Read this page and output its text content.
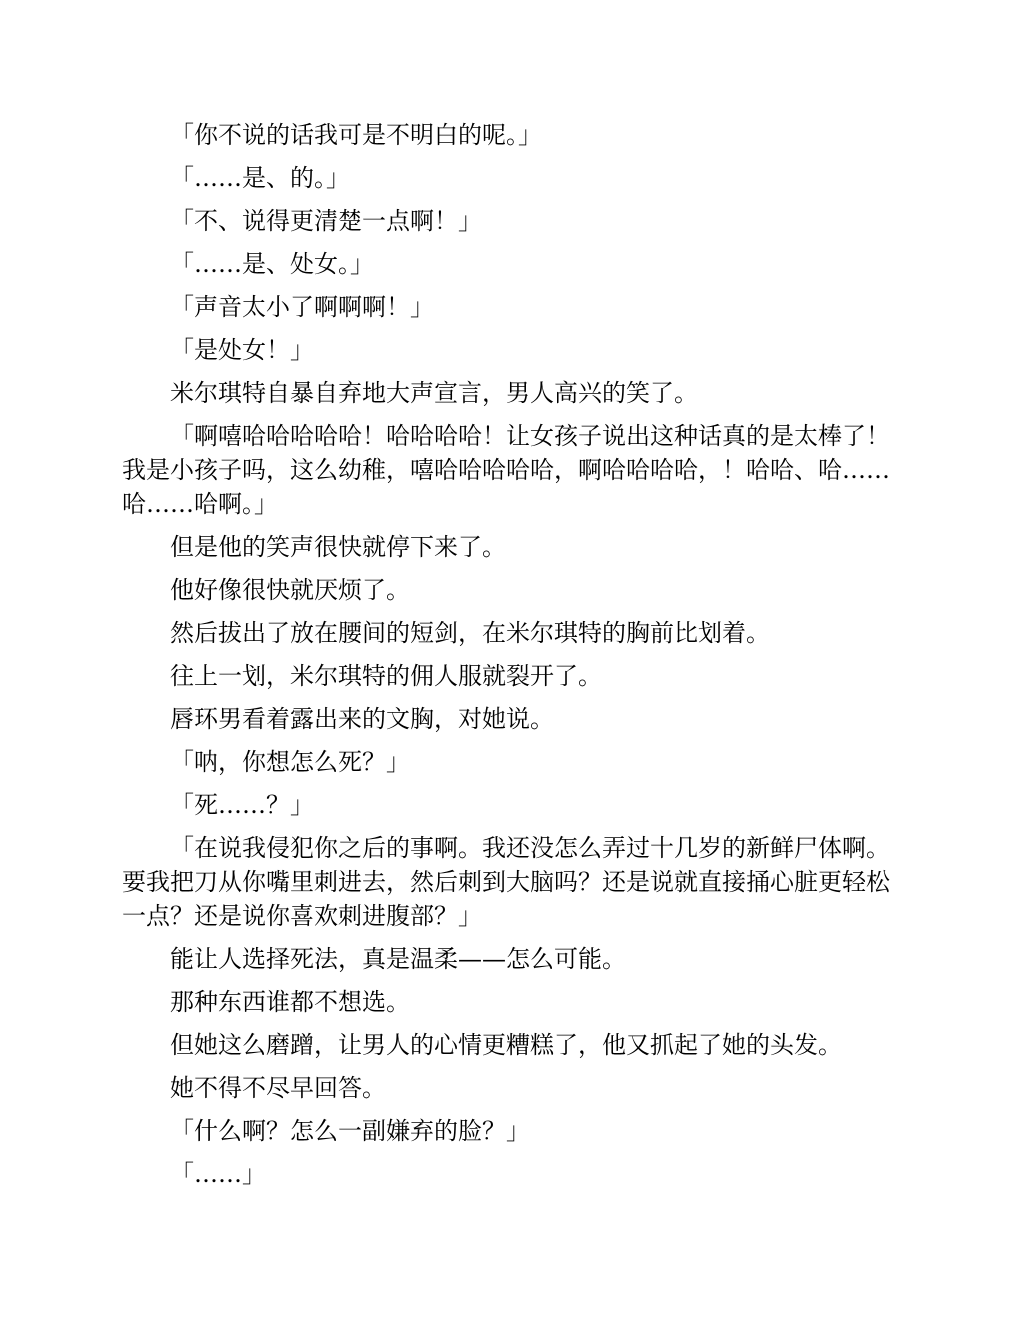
「你不说的话我可是不明白的呢。」

「……是、的。」

「不、说得更清楚一点啊！」

「……是、处女。」

「声音太小了啊啊啊！」

「是处女！」

米尔琪特自暴自弃地大声宣言，男人高兴的笑了。

「啊嘻哈哈哈哈哈！哈哈哈哈！让女孩子说出这种话真的是太棒了！我是小孩子吗，这么幼稚，嘻哈哈哈哈哈，啊哈哈哈哈，！哈哈、哈……哈……哈啊。」

但是他的笑声很快就停下来了。

他好像很快就厌烦了。

然后拔出了放在腰间的短剑，在米尔琪特的胸前比划着。

往上一划，米尔琪特的佣人服就裂开了。

唇环男看着露出来的文胸，对她说。

「呐，你想怎么死？」

「死……？」

「在说我侵犯你之后的事啊。我还没怎么弄过十几岁的新鲜尸体啊。要我把刀从你嘴里刺进去，然后刺到大脑吗？还是说就直接捅心脏更轻松一点？还是说你喜欢刺进腹部？」

能让人选择死法，真是温柔——怎么可能。

那种东西谁都不想选。

但她这么磨蹭，让男人的心情更糟糕了，他又抓起了她的头发。

她不得不尽早回答。

「什么啊？怎么一副嫌弃的脸？」

「……」
